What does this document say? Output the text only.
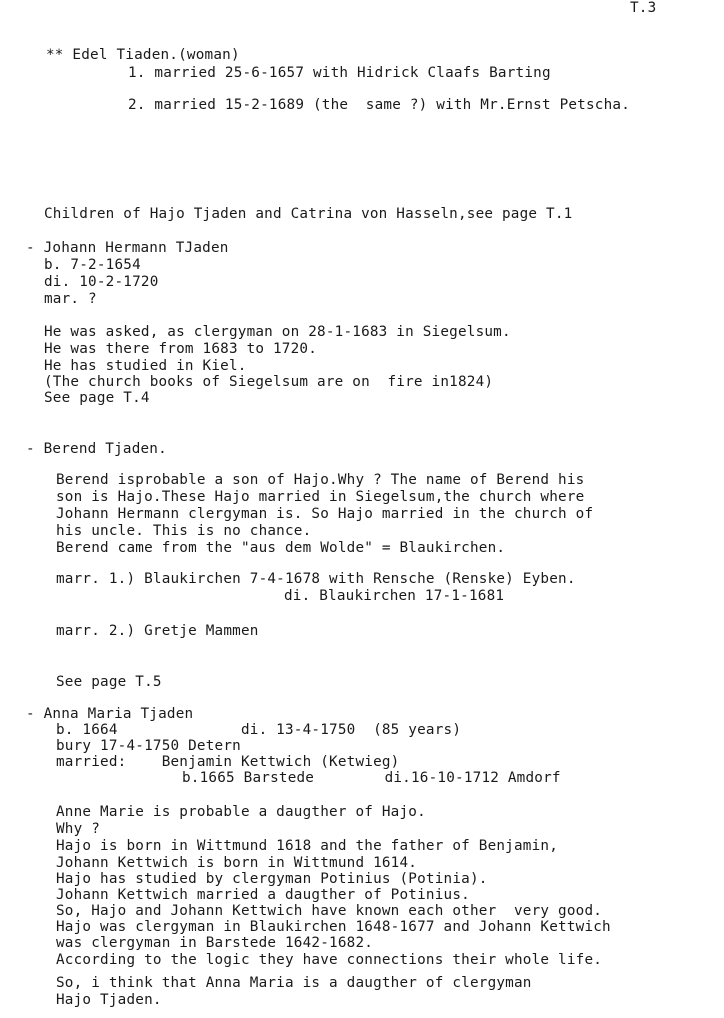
T.3
** Edel Tiaden.(woman)
1. married 25-6-1657 with Hidrick Claafs Barting
2. married 15-2-1689 (the  same ?) with Mr.Ernst Petscha.
Children of Hajo Tjaden and Catrina von Hasseln,see page T.1
- Johann Hermann TJaden
b. 7-2-1654
di. 10-2-1720
mar. ?
He was asked, as clergyman on 28-1-1683 in Siegelsum.
He was there from 1683 to 1720.
He has studied in Kiel.
(The church books of Siegelsum are on  fire in1824)
See page T.4
- Berend Tjaden.
Berend isprobable a son of Hajo.Why ? The name of Berend his
son is Hajo.These Hajo married in Siegelsum,the church where
Johann Hermann clergyman is. So Hajo married in the church of
his uncle. This is no chance.
Berend came from the "aus dem Wolde" = Blaukirchen.
marr. 1.) Blaukirchen 7-4-1678 with Rensche (Renske) Eyben.
di. Blaukirchen 17-1-1681
marr. 2.) Gretje Mammen
See page T.5
- Anna Maria Tjaden
b. 1664              di. 13-4-1750  (85 years)
bury 17-4-1750 Detern
married:    Benjamin Kettwich (Ketwieg)
b.1665 Barstede        di.16-10-1712 Amdorf
Anne Marie is probable a daugther of Hajo.
Why ?
Hajo is born in Wittmund 1618 and the father of Benjamin,
Johann Kettwich is born in Wittmund 1614.
Hajo has studied by clergyman Potinius (Potinia).
Johann Kettwich married a daugther of Potinius.
So, Hajo and Johann Kettwich have known each other  very good.
Hajo was clergyman in Blaukirchen 1648-1677 and Johann Kettwich
was clergyman in Barstede 1642-1682.
According to the logic they have connections their whole life.
So, i think that Anna Maria is a daugther of clergyman
Hajo Tjaden.
